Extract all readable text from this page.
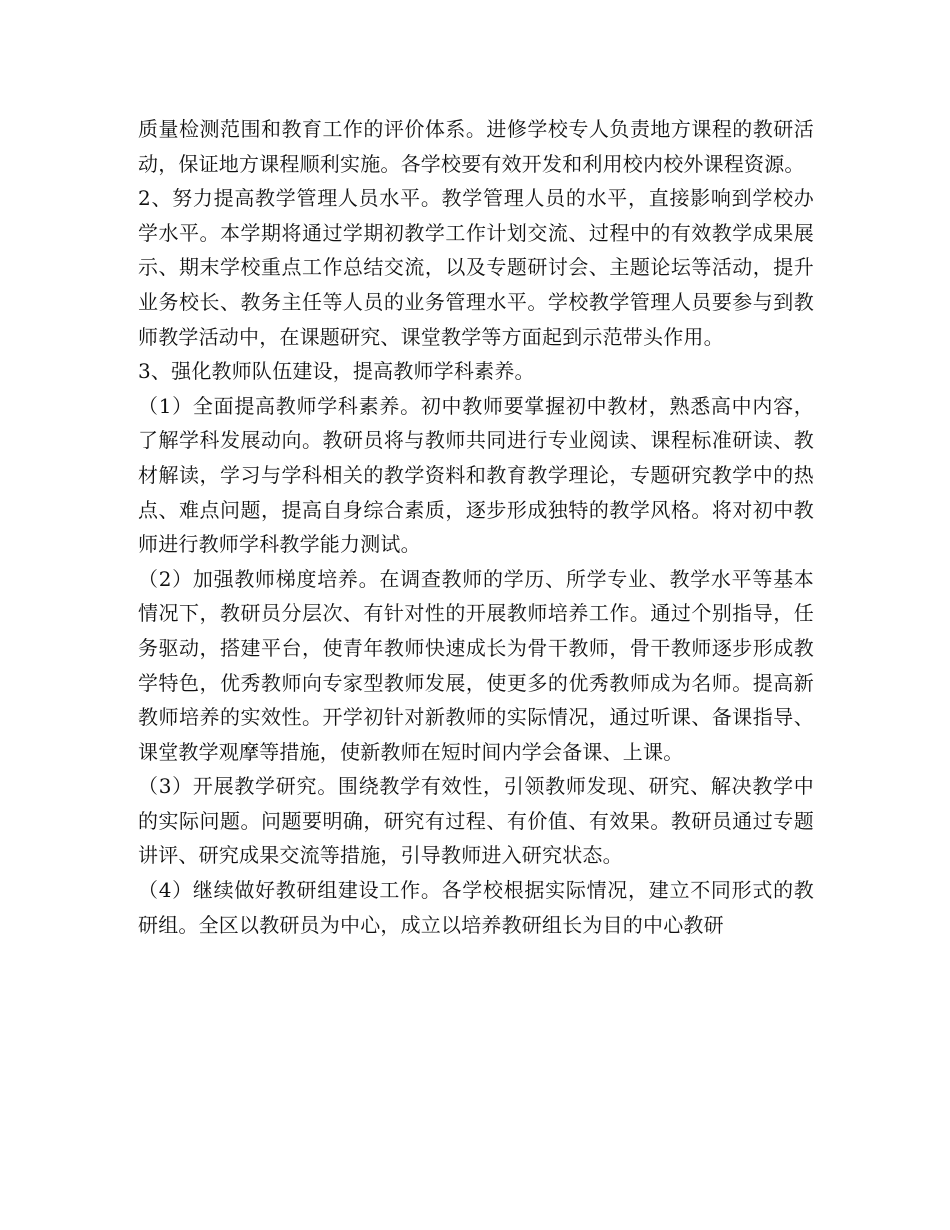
质量检测范围和教育工作的评价体系。进修学校专人负责地方课程的教研活动，保证地方课程顺利实施。各学校要有效开发和利用校内校外课程资源。

2、努力提高教学管理人员水平。教学管理人员的水平，直接影响到学校办学水平。本学期将通过学期初教学工作计划交流、过程中的有效教学成果展示、期末学校重点工作总结交流，以及专题研讨会、主题论坛等活动，提升业务校长、教务主任等人员的业务管理水平。学校教学管理人员要参与到教师教学活动中，在课题研究、课堂教学等方面起到示范带头作用。

3、强化教师队伍建设，提高教师学科素养。

（1）全面提高教师学科素养。初中教师要掌握初中教材，熟悉高中内容，了解学科发展动向。教研员将与教师共同进行专业阅读、课程标准研读、教材解读，学习与学科相关的教学资料和教育教学理论，专题研究教学中的热点、难点问题，提高自身综合素质，逐步形成独特的教学风格。将对初中教师进行教师学科教学能力测试。

（2）加强教师梯度培养。在调查教师的学历、所学专业、教学水平等基本情况下，教研员分层次、有针对性的开展教师培养工作。通过个别指导，任务驱动，搭建平台，使青年教师快速成长为骨干教师，骨干教师逐步形成教学特色，优秀教师向专家型教师发展，使更多的优秀教师成为名师。提高新教师培养的实效性。开学初针对新教师的实际情况，通过听课、备课指导、课堂教学观摩等措施，使新教师在短时间内学会备课、上课。

（3）开展教学研究。围绕教学有效性，引领教师发现、研究、解决教学中的实际问题。问题要明确，研究有过程、有价值、有效果。教研员通过专题讲评、研究成果交流等措施，引导教师进入研究状态。

（4）继续做好教研组建设工作。各学校根据实际情况，建立不同形式的教研组。全区以教研员为中心，成立以培养教研组长为目的中心教研
